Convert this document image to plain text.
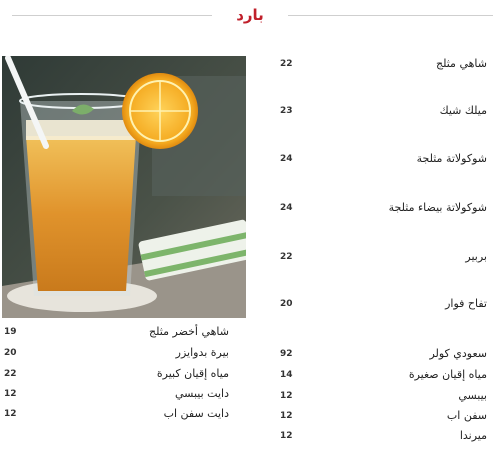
بارد
شاهي مثلج
22
ميلك شيك
23
شوكولاتة مثلجة
24
شوكولاتة بيضاء مثلجة
24
بربير
22
تفاح فوار
20
سعودي كولر
92
مياه إقيان صغيرة
14
بيبسي
12
سفن اب
12
ميرندا
12
شاهي أخضر مثلج
19
بيرة بدوايزر
20
مياه إقيان كبيرة
22
دايت بيبسي
12
دايت سفن اب
12
